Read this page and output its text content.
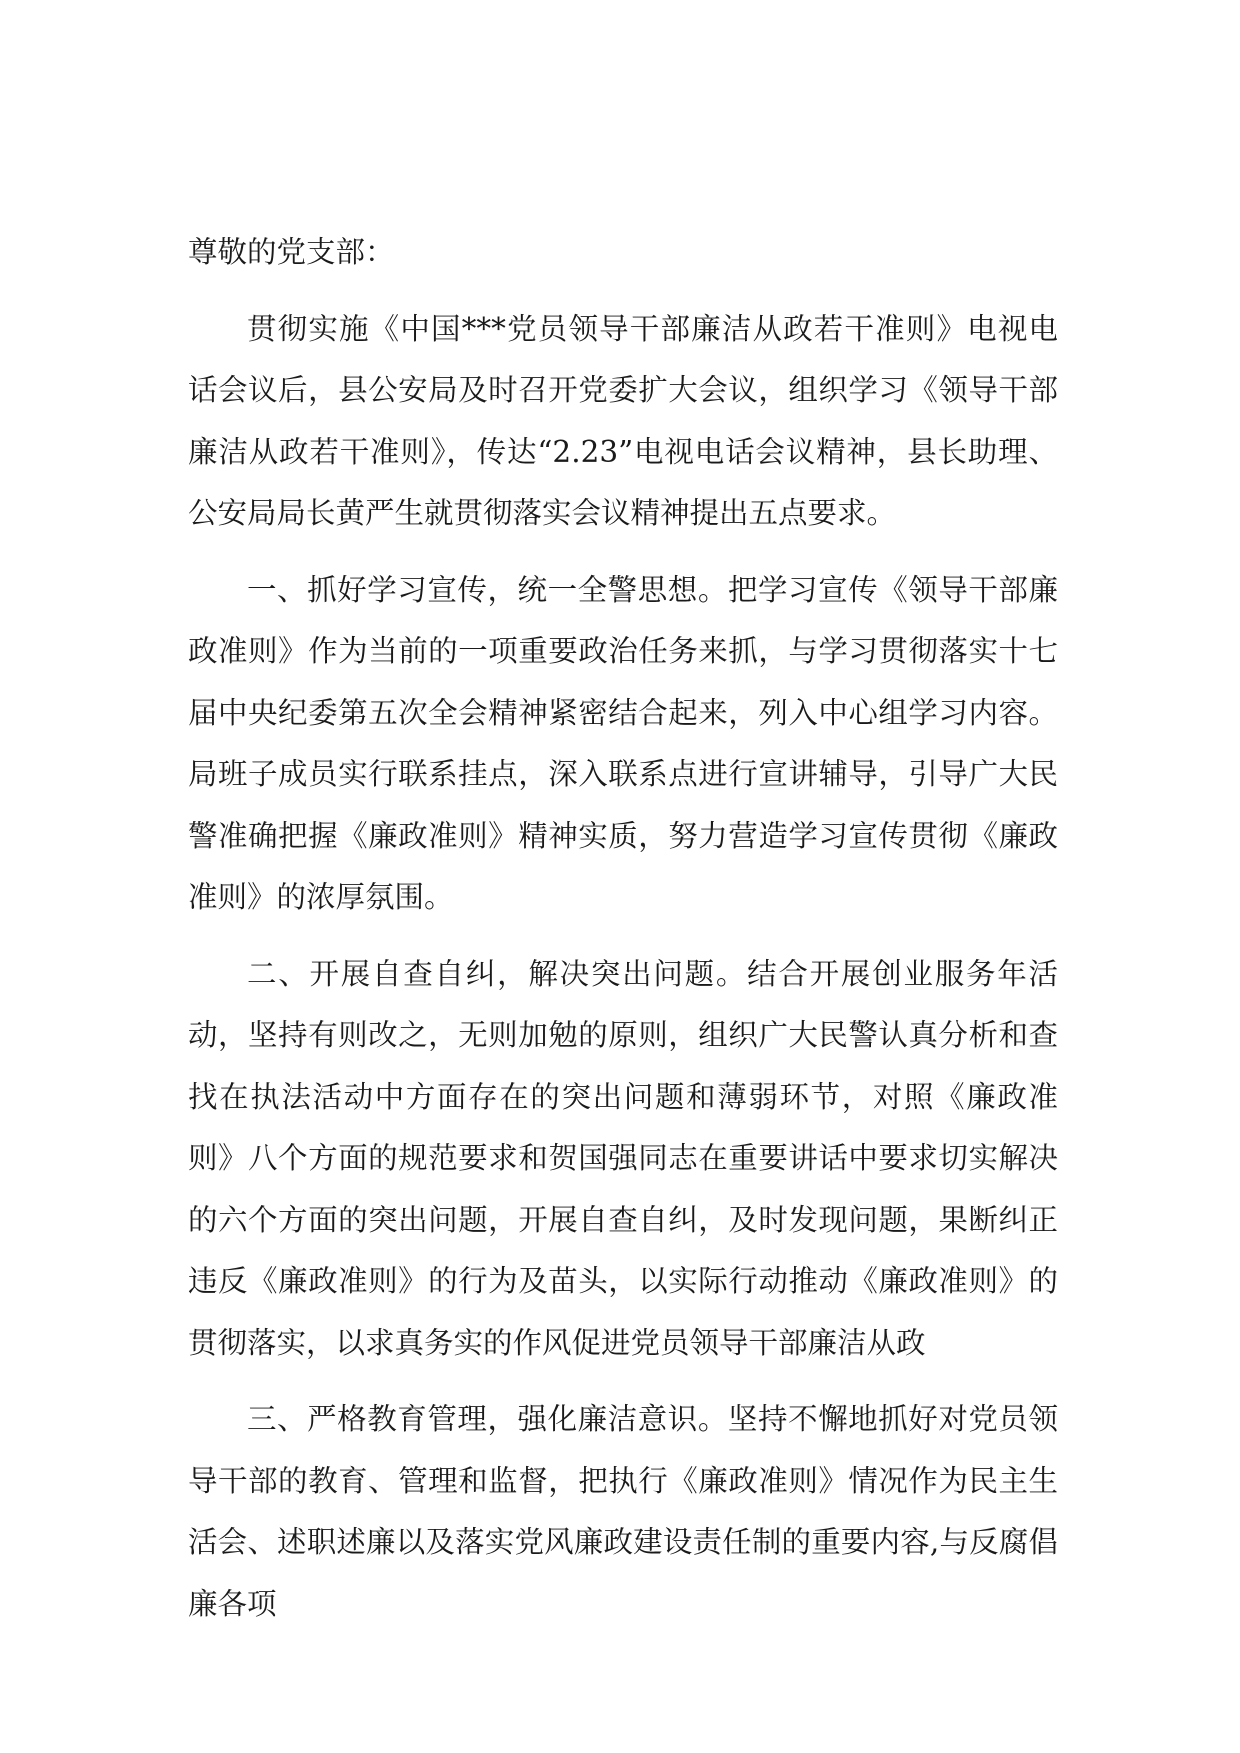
尊敬的党支部：

贯彻实施《中国***党员领导干部廉洁从政若干准则》电视电话会议后，县公安局及时召开党委扩大会议，组织学习《领导干部廉洁从政若干准则》，传达“2.23”电视电话会议精神，县长助理、公安局局长黄严生就贯彻落实会议精神提出五点要求。

一、抓好学习宣传，统一全警思想。把学习宣传《领导干部廉政准则》作为当前的一项重要政治任务来抓，与学习贯彻落实十七届中央纪委第五次全会精神紧密结合起来，列入中心组学习内容。局班子成员实行联系挂点，深入联系点进行宣讲辅导，引导广大民警准确把握《廉政准则》精神实质，努力营造学习宣传贯彻《廉政准则》的浓厚氛围。

二、开展自查自纠，解决突出问题。结合开展创业服务年活动，坚持有则改之，无则加勉的原则，组织广大民警认真分析和查找在执法活动中方面存在的突出问题和薄弱环节，对照《廉政准则》八个方面的规范要求和贺国强同志在重要讲话中要求切实解决的六个方面的突出问题，开展自查自纠，及时发现问题，果断纠正违反《廉政准则》的行为及苗头，以实际行动推动《廉政准则》的贯彻落实，以求真务实的作风促进党员领导干部廉洁从政

三、严格教育管理，强化廉洁意识。坚持不懈地抓好对党员领导干部的教育、管理和监督，把执行《廉政准则》情况作为民主生活会、述职述廉以及落实党风廉政建设责任制的重要内容,与反腐倡廉各项
